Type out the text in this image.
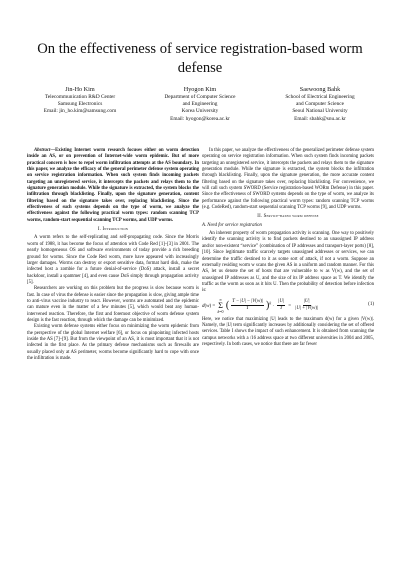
On the effectiveness of service registration-based worm defense
Jin-Ho Kim
Telecommunication R&D Center
Samsung Electronics
Email: jin_ho.kim@samsung.com
Hyogon Kim
Department of Computer Science
and Engineering
Korea University
Email: hyogon@korea.ac.kr
Saewoong Bahk
School of Electrical Engineering
and Computer Science
Seoul National University
Email: sbahk@snu.ac.kr

Abstract—Existing Internet worm research focuses either on worm detection inside an AS, or on prevention of Internet-wide worm epidemic. But of more practical concern is how to repel worm infiltration attempts at the AS boundary. In this paper, we analyze the efficacy of the general perimeter defense system operating on service registration information. When such system finds incoming packets targeting an unregistered service, it intercepts the packets and relays them to the signature generation module. While the signature is extracted, the system blocks the infiltration through blacklisting. Finally, upon the signature generation, content filtering based on the signature takes over, replacing blacklisting. Since the effectiveness of such systems depends on the type of worm, we analyze the effectiveness against the following practical worm types: random scanning TCP worms, random-start sequential scanning TCP worms, and UDP worms.

I. Introduction

A worm refers to the self-replicating and self-propagating code. Since the Morris worm of 1988, it has become the focus of attention with Code Red [1]–[3] in 2001. The nearly homogeneous OS and software environments of today provide a rich breeding ground for worms. Since the Code Red worm, more have appeared with increasingly larger damages. Worms can destroy or export sensitive data, format hard disk, make the infected host a zombie for a future denial-of-service (DoS) attack, install a secret backdoor, install a spammer [4], and even cause DoS simply through propagation activity [5].

Researchers are working on this problem but the progress is slow because worm is fast. In case of virus the defense is easier since the propagation is slow, giving ample time to anti-virus vaccine industry to react. However, worms are automated and the epidemic can mature even in the matter of a few minutes [5], which would beat any human-intervened reaction. Therefore, the first and foremost objective of worm defense system design is the fast reaction, through which the damage can be minimized.

Existing worm defense systems either focus on minimizing the worm epidemic from the perspective of the global Internet welfare [6], or focus on pinpointing infected hosts inside the AS [7]–[9]. But from the viewpoint of an AS, it is most important that it is not infected in the first place. As the primary defense mechanisms such as firewalls are usually placed only at AS perimeter, worms become significantly hard to cope with once the infiltration is made.

In this paper, we analyze the effectiveness of the generalized perimeter defense system operating on service registration information. When such system finds incoming packets targeting an unregistered service, it intercepts the packets and relays them to the signature generation module. While the signature is extracted, the system blocks the infiltration through blacklisting. Finally, upon the signature generation, the more accurate content filtering based on the signature takes over, replacing blacklisting. For convenience, we will call such system SWORD (Service registration-based WORm Defense) in this paper. Since the effectiveness of SWORD systems depends on the type of worm, we analyze its performance against the following practical worm types: random scanning TCP worms (e.g. CodeRed), random-start sequential scanning TCP worms [9], and UDP worms.

II. Service-based worm defense
A. Need for service registration

An inherent property of worm propagation activity is scanning. One way to positively identify the scanning activity is to find packets destined to an unassigned IP address and/or non-existent “service” (combination of IP addresses and transport-layer ports) [8], [10]. Since legitimate traffic scarcely targets unassigned addresses or services, we can determine the traffic destined to it as some sort of attack, if not a worm. Suppose an externally residing worm w scans the given AS in a uniform and random manner. For this AS, let us denote the set of hosts that are vulnerable to w as V(w), and the set of unassigned IP addresses as U, and the size of its IP address space as T. We identify the traffic as the worm as soon as it hits U. Then the probability of detection before infection is:

d(w) =
∞
Σ
k=0
( $\frac{T - |U| - |V(w)|}{T} )^k \cdot \frac{|U|}{T} = \frac{|U|}{|U| + |V(w)|}$	(1)

Here, we notice that maximizing |U| leads to the maximum d(w) for a given |V(w)|. Namely, the |U| term significantly increases by additionally considering the set of offered services. Table I shows the impact of such enhancement. It is obtained from scanning the campus networks with a /16 address space at two different universities in 2004 and 2005, respectively. In both cases, we notice that there are far fewer
